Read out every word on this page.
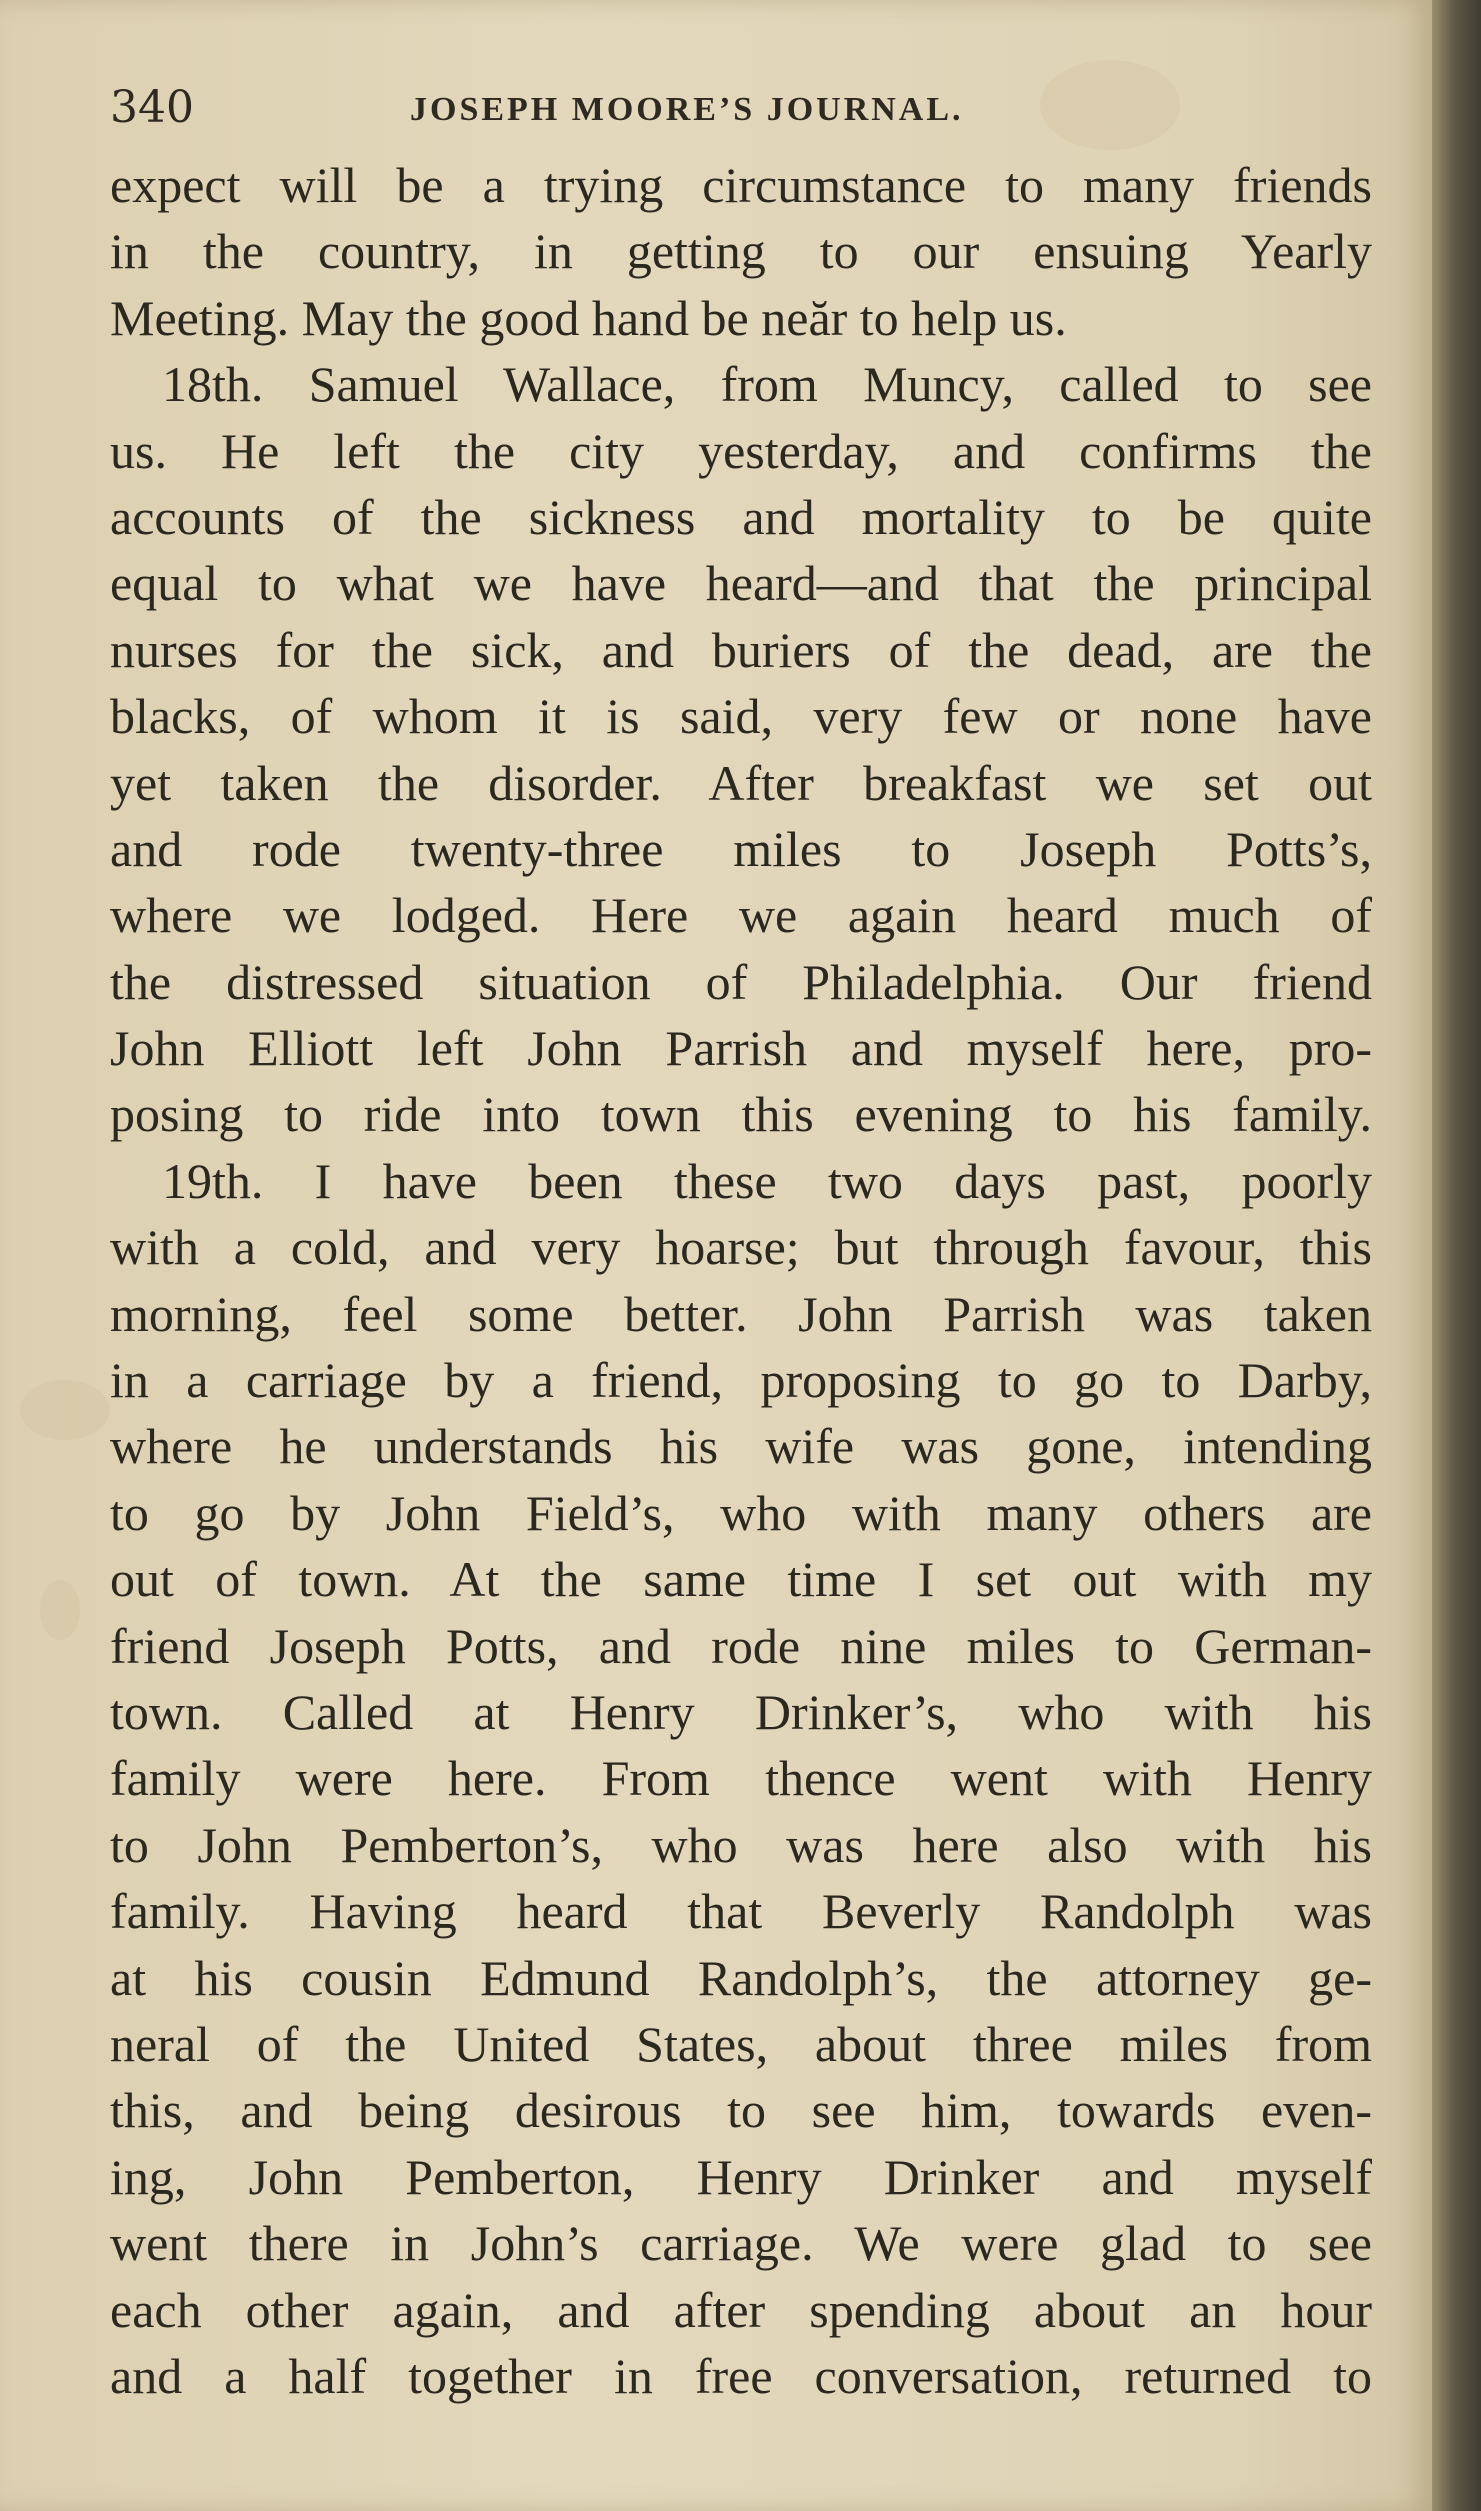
340	JOSEPH MOORE’S JOURNAL.
expect will be a trying circumstance to many friends
in the country, in getting to our ensuing Yearly
Meeting. May the good hand be neăr to help us.
18th. Samuel Wallace, from Muncy, called to see
us. He left the city yesterday, and confirms the
accounts of the sickness and mortality to be quite
equal to what we have heard—and that the principal
nurses for the sick, and buriers of the dead, are the
blacks, of whom it is said, very few or none have
yet taken the disorder. After breakfast we set out
and rode twenty-three miles to Joseph Potts’s,
where we lodged. Here we again heard much of
the distressed situation of Philadelphia. Our friend
John Elliott left John Parrish and myself here, pro-
posing to ride into town this evening to his family.
19th. I have been these two days past, poorly
with a cold, and very hoarse; but through favour, this
morning, feel some better. John Parrish was taken
in a carriage by a friend, proposing to go to Darby,
where he understands his wife was gone, intending
to go by John Field’s, who with many others are
out of town. At the same time I set out with my
friend Joseph Potts, and rode nine miles to German-
town. Called at Henry Drinker’s, who with his
family were here. From thence went with Henry
to John Pemberton’s, who was here also with his
family. Having heard that Beverly Randolph was
at his cousin Edmund Randolph’s, the attorney ge-
neral of the United States, about three miles from
this, and being desirous to see him, towards even-
ing, John Pemberton, Henry Drinker and myself
went there in John’s carriage. We were glad to see
each other again, and after spending about an hour
and a half together in free conversation, returned to
